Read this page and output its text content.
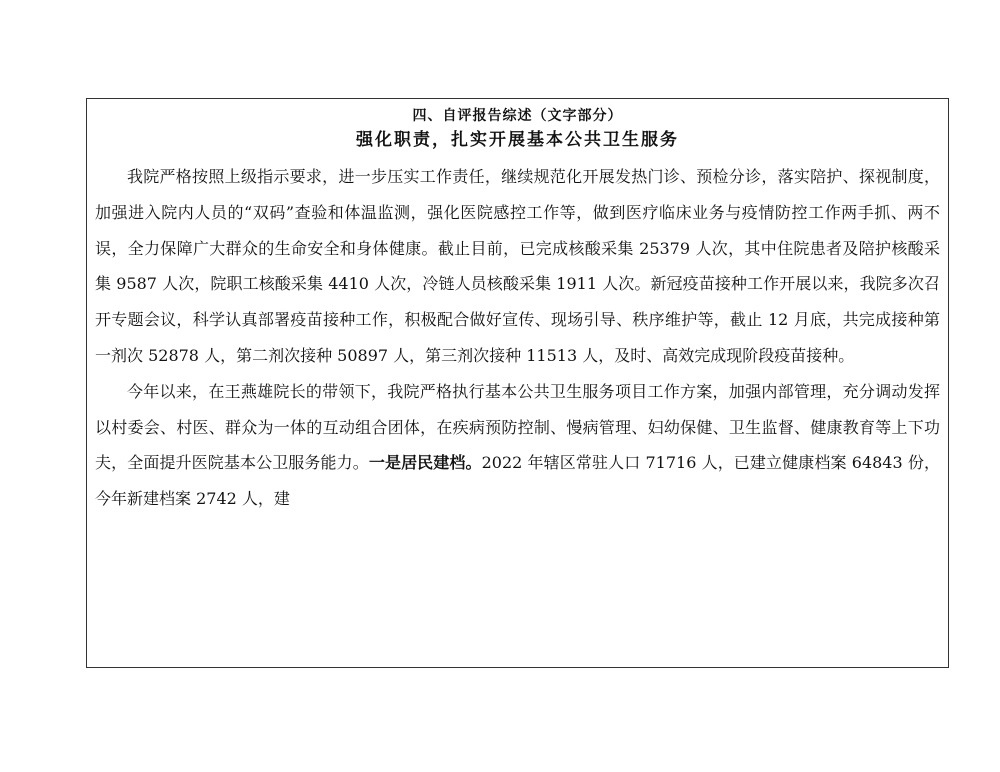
四、自评报告综述（文字部分）
强化职责，扎实开展基本公共卫生服务

我院严格按照上级指示要求，进一步压实工作责任，继续规范化开展发热门诊、预检分诊，落实陪护、探视制度，加强进入院内人员的“双码”查验和体温监测，强化医院感控工作等，做到医疗临床业务与疫情防控工作两手抓、两不误，全力保障广大群众的生命安全和身体健康。截止目前，已完成核酸采集 25379 人次，其中住院患者及陪护核酸采集 9587 人次，院职工核酸采集 4410 人次，冷链人员核酸采集 1911 人次。新冠疫苗接种工作开展以来，我院多次召开专题会议，科学认真部署疫苗接种工作，积极配合做好宣传、现场引导、秩序维护等，截止 12 月底，共完成接种第一剂次 52878 人，第二剂次接种 50897 人，第三剂次接种 11513 人，及时、高效完成现阶段疫苗接种。

今年以来，在王燕雄院长的带领下，我院严格执行基本公共卫生服务项目工作方案，加强内部管理，充分调动发挥以村委会、村医、群众为一体的互动组合团体，在疾病预防控制、慢病管理、妇幼保健、卫生监督、健康教育等上下功夫，全面提升医院基本公卫服务能力。一是居民建档。2022 年辖区常驻人口 71716 人，已建立健康档案 64843 份，今年新建档案 2742 人，建
